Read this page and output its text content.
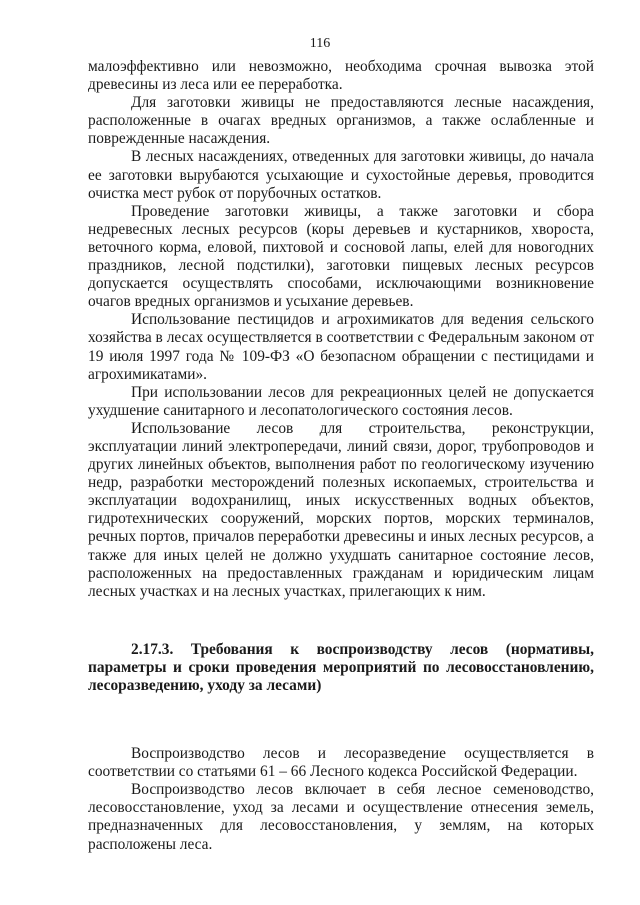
116

малоэффективно или невозможно, необходима срочная вывозка этой древесины из леса или ее переработка.

Для заготовки живицы не предоставляются лесные насаждения, расположенные в очагах вредных организмов, а также ослабленные и поврежденные насаждения.

В лесных насаждениях, отведенных для заготовки живицы, до начала ее заготовки вырубаются усыхающие и сухостойные деревья, проводится очистка мест рубок от порубочных остатков.

Проведение заготовки живицы, а также заготовки и сбора недревесных лесных ресурсов (коры деревьев и кустарников, хвороста, веточного корма, еловой, пихтовой и сосновой лапы, елей для новогодних праздников, лесной подстилки), заготовки пищевых лесных ресурсов допускается осуществлять способами, исключающими возникновение очагов вредных организмов и усыхание деревьев.

Использование пестицидов и агрохимикатов для ведения сельского хозяйства в лесах осуществляется в соответствии с Федеральным законом от 19 июля 1997 года № 109-ФЗ «О безопасном обращении с пестицидами и агрохимикатами».

При использовании лесов для рекреационных целей не допускается ухудшение санитарного и лесопатологического состояния лесов.

Использование лесов для строительства, реконструкции, эксплуатации линий электропередачи, линий связи, дорог, трубопроводов и других линейных объектов, выполнения работ по геологическому изучению недр, разработки месторождений полезных ископаемых, строительства и эксплуатации водохранилищ, иных искусственных водных объектов, гидротехнических сооружений, морских портов, морских терминалов, речных портов, причалов переработки древесины и иных лесных ресурсов, а также для иных целей не должно ухудшать санитарное состояние лесов, расположенных на предоставленных гражданам и юридическим лицам лесных участках и на лесных участках, прилегающих к ним.

2.17.3. Требования к воспроизводству лесов (нормативы, параметры и сроки проведения мероприятий по лесовосстановлению, лесоразведению, уходу за лесами)

Воспроизводство лесов и лесоразведение осуществляется в соответствии со статьями 61 – 66 Лесного кодекса Российской Федерации.

Воспроизводство лесов включает в себя лесное семеноводство, лесовосстановление, уход за лесами и осуществление отнесения земель, предназначенных для лесовосстановления, у землям, на которых расположены леса.
